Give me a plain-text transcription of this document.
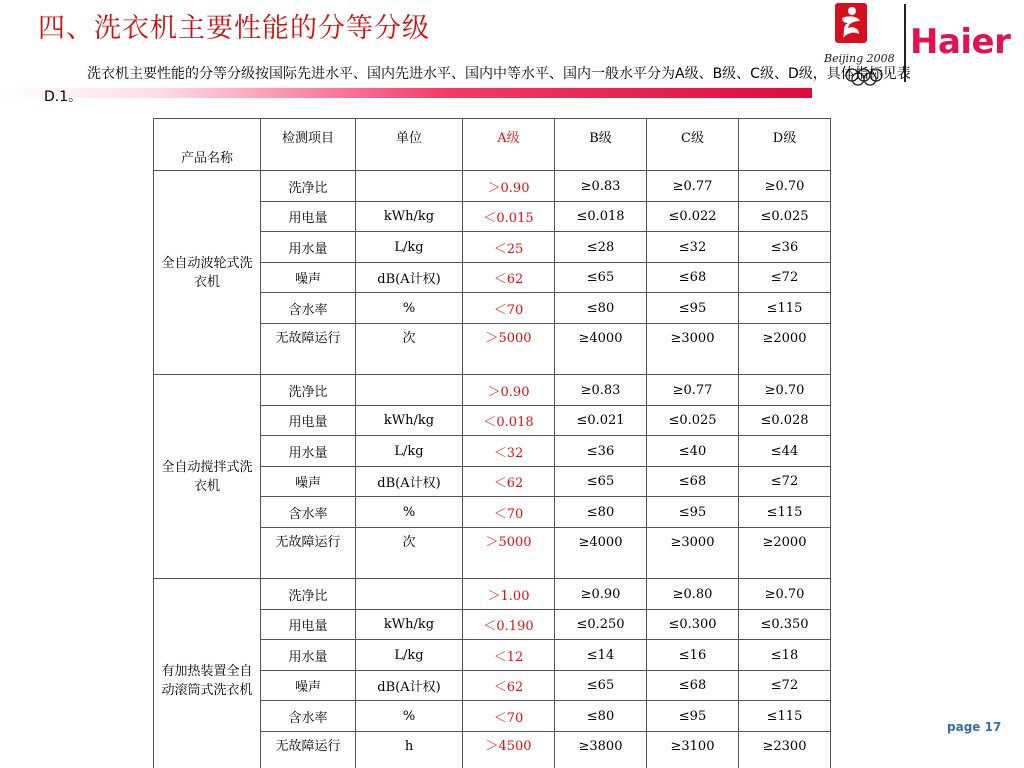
四、洗衣机主要性能的分等分级
Beijing 2008 Haier
洗衣机主要性能的分等分级按国际先进水平、国内先进水平、国内中等水平、国内一般水平分为A级、B级、C级、D级，具体指标见表D.1。
产品名称	检测项目	单位	A级	B级	C级	D级
全自动波轮式洗衣机	洗净比		＞0.90	≥0.83	≥0.77	≥0.70
	用电量	kWh/kg	＜0.015	≤0.018	≤0.022	≤0.025
	用水量	L/kg	＜25	≤28	≤32	≤36
	噪声	dB(A计权)	＜62	≤65	≤68	≤72
	含水率	%	＜70	≤80	≤95	≤115
	无故障运行	次	＞5000	≥4000	≥3000	≥2000
全自动搅拌式洗衣机	洗净比		＞0.90	≥0.83	≥0.77	≥0.70
	用电量	kWh/kg	＜0.018	≤0.021	≤0.025	≤0.028
	用水量	L/kg	＜32	≤36	≤40	≤44
	噪声	dB(A计权)	＜62	≤65	≤68	≤72
	含水率	%	＜70	≤80	≤95	≤115
	无故障运行	次	＞5000	≥4000	≥3000	≥2000
有加热装置全自动滚筒式洗衣机	洗净比		＞1.00	≥0.90	≥0.80	≥0.70
	用电量	kWh/kg	＜0.190	≤0.250	≤0.300	≤0.350
	用水量	L/kg	＜12	≤14	≤16	≤18
	噪声	dB(A计权)	＜62	≤65	≤68	≤72
	含水率	%	＜70	≤80	≤95	≤115
	无故障运行	h	＞4500	≥3800	≥3100	≥2300
page 17
